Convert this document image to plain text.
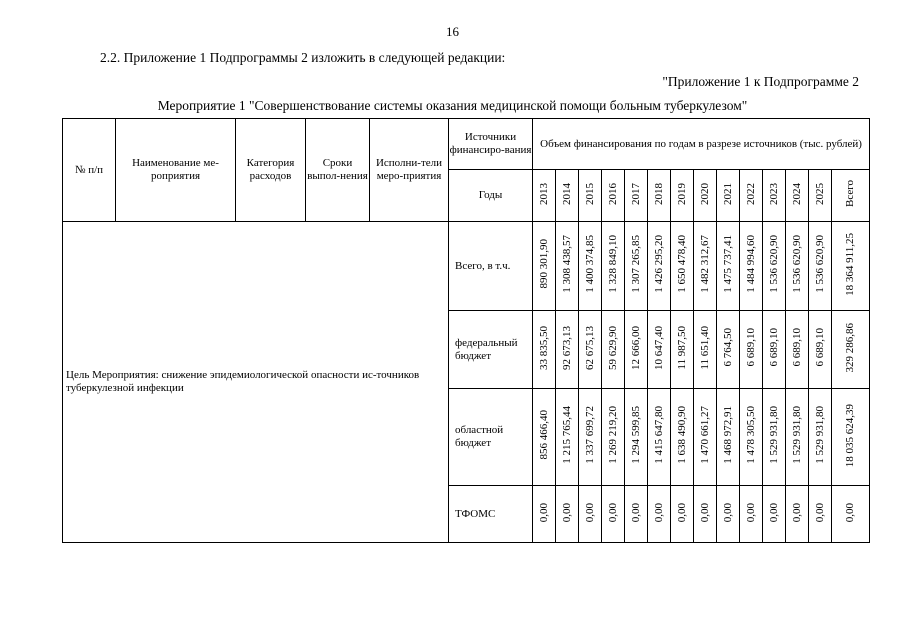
16
2.2. Приложение 1 Подпрограммы 2 изложить в следующей редакции:
"Приложение 1 к Подпрограмме 2
Мероприятие 1 "Совершенствование системы оказания медицинской помощи больным туберкулезом"
№ п/п	Наименование ме-роприятия	Категория расходов	Сроки выпол-нения	Исполни-тели меро-приятия	Источники финансиро-вания	Объем финансирования по годам в разрезе источников (тыс. рублей)													
					Годы	2013	2014	2015	2016	2017	2018	2019	2020	2021	2022	2023	2024	2025	Всего
Цель Мероприятия: снижение эпидемиологической опасности ис-точников туберкулезной инфекции					Всего, в т.ч.	890 301,90	1 308 438,57	1 400 374,85	1 328 849,10	1 307 265,85	1 426 295,20	1 650 478,40	1 482 312,67	1 475 737,41	1 484 994,60	1 536 620,90	1 536 620,90	1 536 620,90	18 364 911,25
					федеральный бюджет	33 835,50	92 673,13	62 675,13	59 629,90	12 666,00	10 647,40	11 987,50	11 651,40	6 764,50	6 689,10	6 689,10	6 689,10	6 689,10	329 286,86
					областной бюджет	856 466,40	1 215 765,44	1 337 699,72	1 269 219,20	1 294 599,85	1 415 647,80	1 638 490,90	1 470 661,27	1 468 972,91	1 478 305,50	1 529 931,80	1 529 931,80	1 529 931,80	18 035 624,39
					ТФОМС	0,00	0,00	0,00	0,00	0,00	0,00	0,00	0,00	0,00	0,00	0,00	0,00	0,00	0,00
